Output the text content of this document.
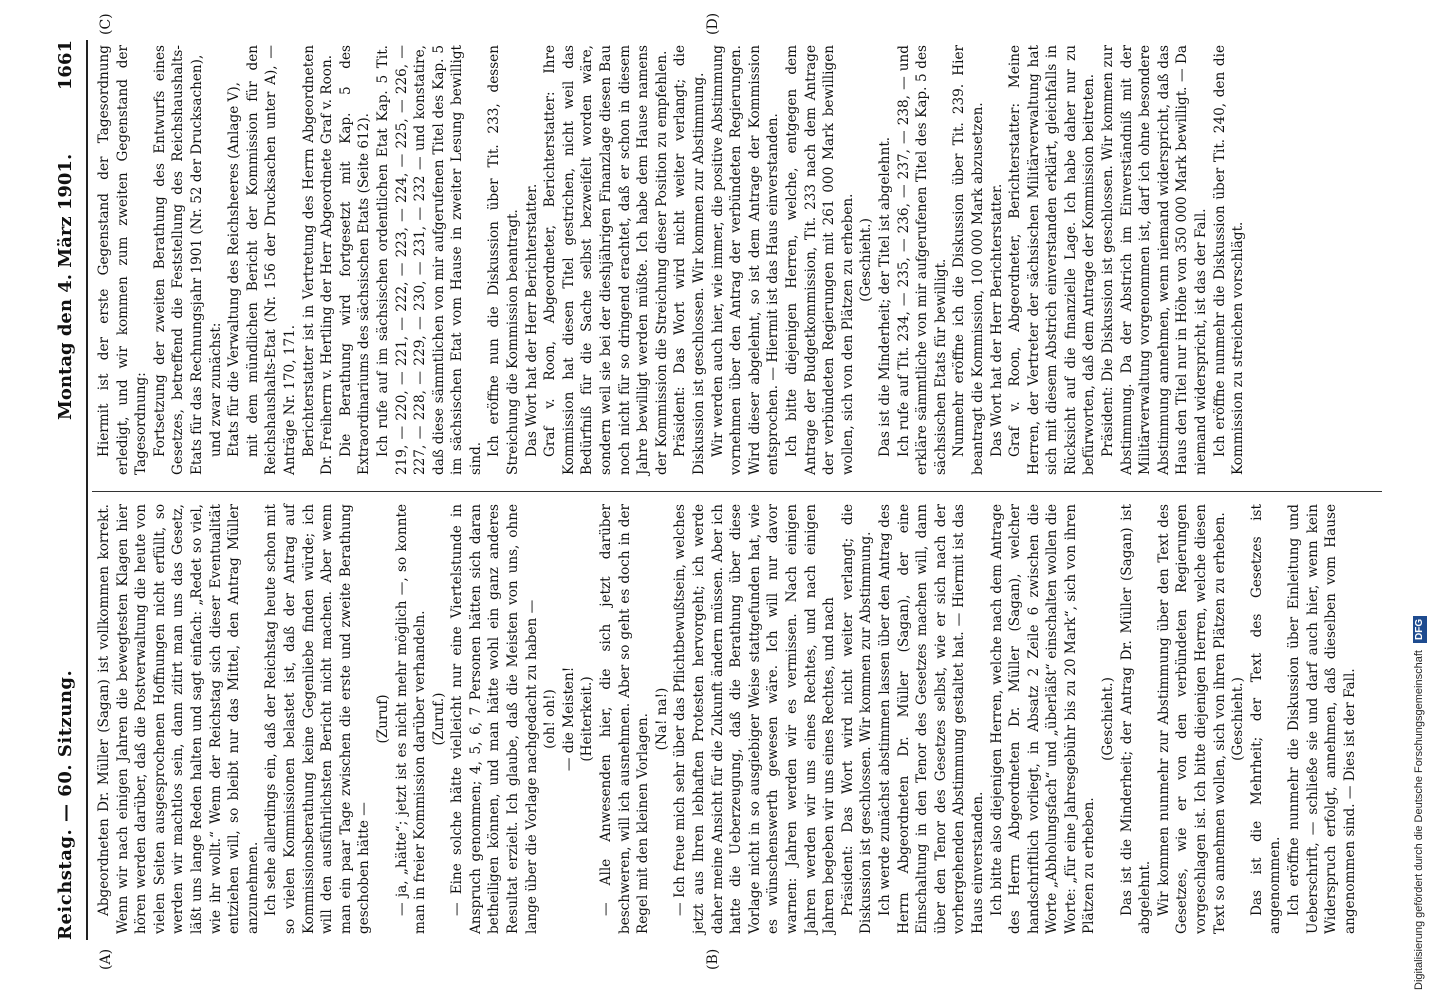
Reichstag. — 60. Sitzung.
Montag den 4. März 1901.
1661
(A)	(B)
(C)	(D)

Abgeordneten Dr. Müller (Sagan) ist vollkommen korrekt. Wenn wir nach einigen Jahren die bewegtesten Klagen hier hören werden darüber, daß die Postverwaltung die heute von vielen Seiten ausgesprochenen Hoffnungen nicht erfüllt, so werden wir machtlos sein, dann zitirt man uns das Gesetz, läßt uns lange Reden halten und sagt einfach: „Redet so viel, wie ihr wollt.“ Wenn der Reichstag sich dieser Eventualität entziehen will, so bleibt nur das Mittel, den Antrag Müller anzunehmen. Ich sehe allerdings ein, daß der Reichstag heute schon mit so vielen Kommissionen belastet ist, daß der Antrag auf Kommissionsberathung keine Gegenliebe finden würde; ich will den ausführlichsten Bericht nicht machen. Aber wenn man ein paar Tage zwischen die erste und zweite Berathung geschoben hätte —

(Zuruf) — ja, „hätte“; jetzt ist es nicht mehr möglich —, so konnte man in freier Kommission darüber verhandeln. (Zuruf.) — Eine solche hätte vielleicht nur eine Viertelstunde in Anspruch genommen; 4, 5, 6, 7 Personen hätten sich daran betheiligen können, und man hätte wohl ein ganz anderes Resultat erzielt. Ich glaube, daß die Meisten von uns, ohne lange über die Vorlage nachgedacht zu haben — (oh! oh!) — die Meisten! (Heiterkeit.) — Alle Anwesenden hier, die sich jetzt darüber beschweren, will ich ausnehmen. Aber so geht es doch in der Regel mit den kleinen Vorlagen. (Na! na!) — Ich freue mich sehr über das Pflichtbewußtsein, welches jetzt aus Ihren lebhaften Protesten hervorgeht; ich werde daher meine Ansicht für die Zukunft ändern müssen. Aber ich hatte die Ueberzeugung, daß die Berathung über diese Vorlage nicht in so ausgiebiger Weise stattgefunden hat, wie es wünschenswerth gewesen wäre. Ich will nur davor warnen: Jahren werden wir es vermissen. Nach einigen Jahren werden wir uns eines Rechtes, und nach einigen Jahren begeben wir uns eines Rechtes, und nach Präsident: Das Wort wird nicht weiter verlangt; die Diskussion ist geschlossen. Wir kommen zur Abstimmung. Ich werde zunächst abstimmen lassen über den Antrag des Herrn Abgeordneten Dr. Müller (Sagan), der eine Einschaltung in den Tenor des Gesetzes machen will, dann über den Tenor des Gesetzes selbst, wie er sich nach der vorhergehenden Abstimmung gestaltet hat. — Hiermit ist das Haus einverstanden. Ich bitte also diejenigen Herren, welche nach dem Antrage des Herrn Abgeordneten Dr. Müller (Sagan), welcher handschriftlich vorliegt, in Absatz 2 Zeile 6 zwischen die Worte „Abholungsfach“ und „überläßt“ einschalten wollen die Worte: „für eine Jahresgebühr bis zu 20 Mark“, sich von ihren Plätzen zu erheben.

(Geschieht.) Das ist die Minderheit; der Antrag Dr. Müller (Sagan) ist abgelehnt. Wir kommen nunmehr zur Abstimmung über den Text des Gesetzes, wie er von den verbündeten Regierungen vorgeschlagen ist. Ich bitte diejenigen Herren, welche diesen Text so annehmen wollen, sich von ihren Plätzen zu erheben. (Geschieht.) Das ist die Mehrheit; der Text des Gesetzes ist angenommen. Ich eröffne nunmehr die Diskussion über Einleitung und Ueberschrift, — schließe sie und darf auch hier, wenn kein Widerspruch erfolgt, annehmen, daß dieselben vom Hause angenommen sind. — Dies ist der Fall.

Hiermit ist der erste Gegenstand der Tagesordnung erledigt, und wir kommen zum zweiten Gegenstand der Tagesordnung: Fortsetzung der zweiten Berathung des Entwurfs eines Gesetzes, betreffend die Feststellung des Reichshaushalts-Etats für das Rechnungsjahr 1901 (Nr. 52 der Drucksachen), und zwar zunächst: Etats für die Verwaltung des Reichsheeres (Anlage V), mit dem mündlichen Bericht der Kommission für den Reichshaushalts-Etat (Nr. 156 der Drucksachen unter A), — Anträge Nr. 170, 171. Berichterstatter ist in Vertretung des Herrn Abgeordneten Dr. Freiherrn v. Hertling der Herr Abgeordnete Graf v. Roon. Die Berathung wird fortgesetzt mit Kap. 5 des Extraordinariums des sächsischen Etats (Seite 612). Ich rufe auf im sächsischen ordentlichen Etat Kap. 5 Tit. 219, — 220, — 221, — 222, — 223, — 224, — 225, — 226, — 227, — 228, — 229, — 230, — 231, — 232 — und konstatire, daß diese sämmtlichen von mir aufgerufenen Titel des Kap. 5 im sächsischen Etat vom Hause in zweiter Lesung bewilligt sind.

Ich eröffne nun die Diskussion über Tit. 233, dessen Streichung die Kommission beantragt. Das Wort hat der Herr Berichterstatter. Graf v. Roon, Abgeordneter, Berichterstatter: Ihre Kommission hat diesen Titel gestrichen, nicht weil das Bedürfniß für die Sache selbst bezweifelt worden wäre, sondern weil sie bei der dieshjährigen Finanzlage diesen Bau noch nicht für so dringend erachtet, daß er schon in diesem Jahre bewilligt werden müßte. Ich habe dem Hause namens der Kommission die Streichung dieser Position zu empfehlen. Präsident: Das Wort wird nicht weiter verlangt; die Diskussion ist geschlossen. Wir kommen zur Abstimmung. Wir werden auch hier, wie immer, die positive Abstimmung vornehmen über den Antrag der verbündeten Regierungen. Wird dieser abgelehnt, so ist dem Antrage der Kommission entsprochen. — Hiermit ist das Haus einverstanden. Ich bitte diejenigen Herren, welche, entgegen dem Antrage der Budgetkommission, Tit. 233 nach dem Antrage der verbündeten Regierungen mit 261 000 Mark bewilligen wollen, sich von den Plätzen zu erheben. (Geschieht.) Das ist die Minderheit; der Titel ist abgelehnt. Ich rufe auf Tit. 234, — 235, — 236, — 237, — 238, — und erkläre sämmtliche von mir aufgerufenen Titel des Kap. 5 des sächsischen Etats für bewilligt. Nunmehr eröffne ich die Diskussion über Tit. 239. Hier beantragt die Kommission, 100 000 Mark abzusetzen. Das Wort hat der Herr Berichterstatter. Graf v. Roon, Abgeordneter, Berichterstatter: Meine Herren, der Vertreter der sächsischen Militärverwaltung hat sich mit diesem Abstrich einverstanden erklärt, gleichfalls in Rücksicht auf die finanzielle Lage. Ich habe daher nur zu befürworten, daß dem Antrage der Kommission beitreten. Präsident: Die Diskussion ist geschlossen. Wir kommen zur Abstimmung. Da der Abstrich im Einverständniß mit der Militärverwaltung vorgenommen ist, darf ich ohne besondere Abstimmung annehmen, wenn niemand widerspricht, daß das Haus den Titel nur in Höhe von 350 000 Mark bewilligt. — Da niemand widerspricht, ist das der Fall. Ich eröffne nunmehr die Diskussion über Tit. 240, den die Kommission zu streichen vorschlägt.

Digitalisierung gefördert durch die Deutsche Forschungsgemeinschaft DFG
